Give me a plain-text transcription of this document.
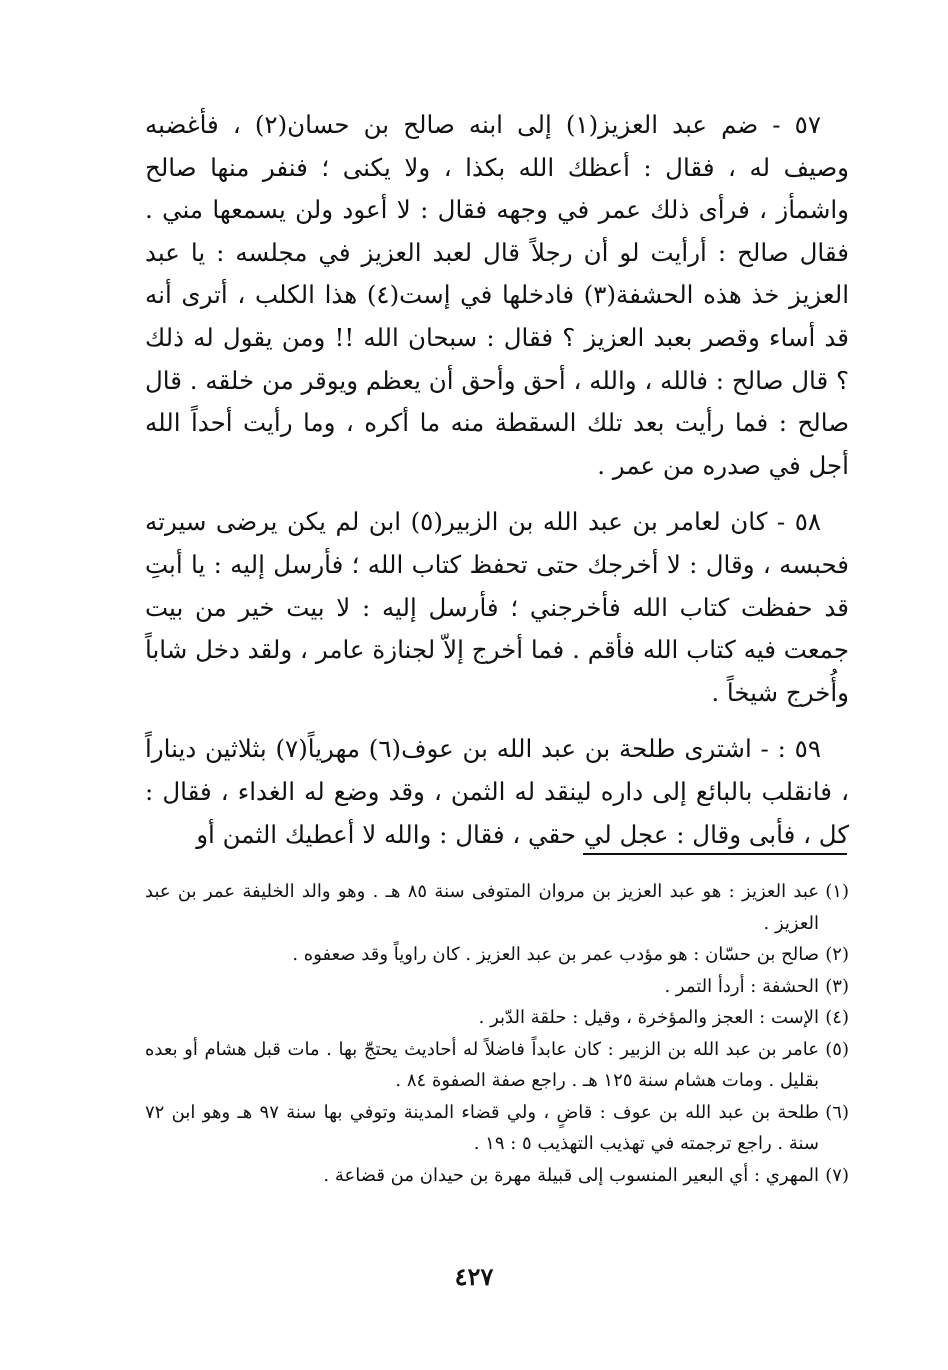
٥٧ - ضم عبد العزيز(١) إلى ابنه صالح بن حسان(٢) ، فأغضبه وصيف له ، فقال : أعظك الله بكذا ، ولا يكنى ؛ فنفر منها صالح واشمأز ، فرأى ذلك عمر في وجهه فقال : لا أعود ولن يسمعها مني . فقال صالح : أرأيت لو أن رجلاً قال لعبد العزيز في مجلسه : يا عبد العزيز خذ هذه الحشفة(٣) فادخلها في إست(٤) هذا الكلب ، أترى أنه قد أساء وقصر بعبد العزيز ؟ فقال : سبحان الله !! ومن يقول له ذلك ؟ قال صالح : فالله ، والله ، أحق وأحق أن يعظم ويوقر من خلقه . قال صالح : فما رأيت بعد تلك السقطة منه ما أكره ، وما رأيت أحداً الله أجل في صدره من عمر .

٥٨ - كان لعامر بن عبد الله بن الزبير(٥) ابن لم يكن يرضى سيرته فحبسه ، وقال : لا أخرجك حتى تحفظ كتاب الله ؛ فأرسل إليه : يا أبتِ قد حفظت كتاب الله فأخرجني ؛ فأرسل إليه : لا بيت خير من بيت جمعت فيه كتاب الله فأقم . فما أخرج إلاّ لجنازة عامر ، ولقد دخل شاباً وأُخرج شيخاً .

٥٩ : - اشترى طلحة بن عبد الله بن عوف(٦) مهرياً(٧) بثلاثين ديناراً ، فانقلب بالبائع إلى داره لينقد له الثمن ، وقد وضع له الغداء ، فقال : كل ، فأبى وقال : عجل لي حقي ، فقال : والله لا أعطيك الثمن أو

(١)
عبد العزيز : هو عبد العزيز بن مروان المتوفى سنة ٨٥ هـ . وهو والد الخليفة عمر بن عبد العزيز .
(٢)
صالح بن حسّان : هو مؤدب عمر بن عبد العزيز . كان راوياً وقد صعفوه .
(٣)
الحشفة : أردأ التمر .
(٤)
الإست : العجز والمؤخرة ، وقيل : حلقة الدّبر .
(٥)
عامر بن عبد الله بن الزبير : كان عابداً فاضلاً له أحاديث يحتجّ بها . مات قبل هشام أو بعده بقليل . ومات هشام سنة ١٢٥ هـ . راجع صفة الصفوة ٨٤ .
(٦)
طلحة بن عبد الله بن عوف : قاضٍ ، ولي قضاء المدينة وتوفي بها سنة ٩٧ هـ وهو ابن ٧٢ سنة . راجع ترجمته في تهذيب التهذيب ٥ : ١٩ .
(٧)
المهري : أي البعير المنسوب إلى قبيلة مهرة بن حيدان من قضاعة .
٤٢٧
